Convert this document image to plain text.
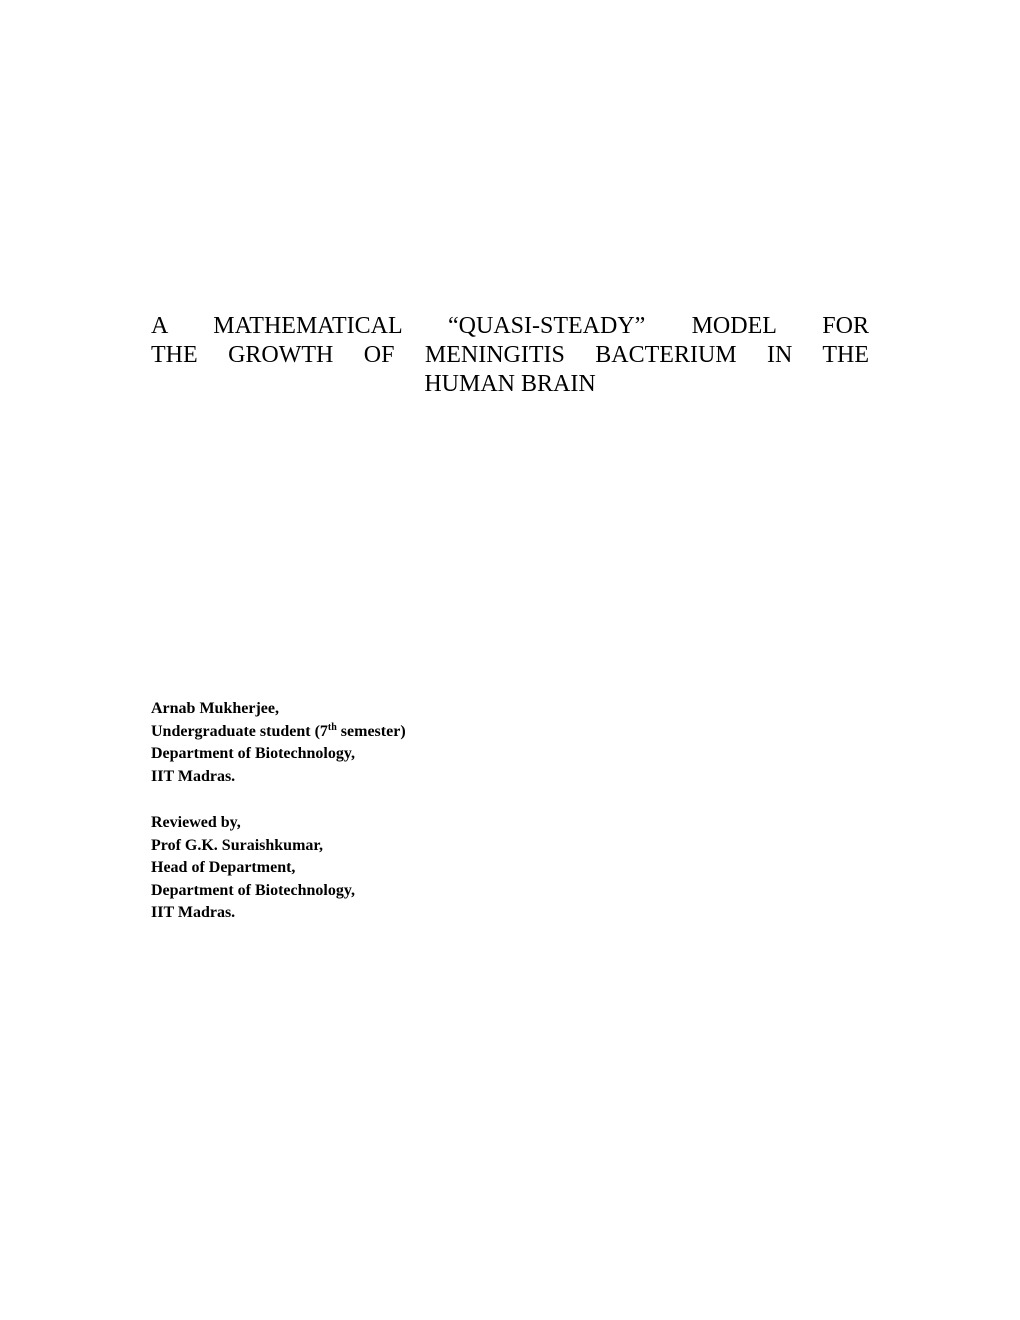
A MATHEMATICAL “QUASI-STEADY” MODEL FOR
THE GROWTH OF MENINGITIS BACTERIUM IN THE
HUMAN BRAIN

Arnab Mukherjee,

Undergraduate student (7th semester)

Department of Biotechnology,

IIT Madras.

Reviewed by,

Prof G.K. Suraishkumar,

Head of Department,

Department of Biotechnology,

IIT Madras.
